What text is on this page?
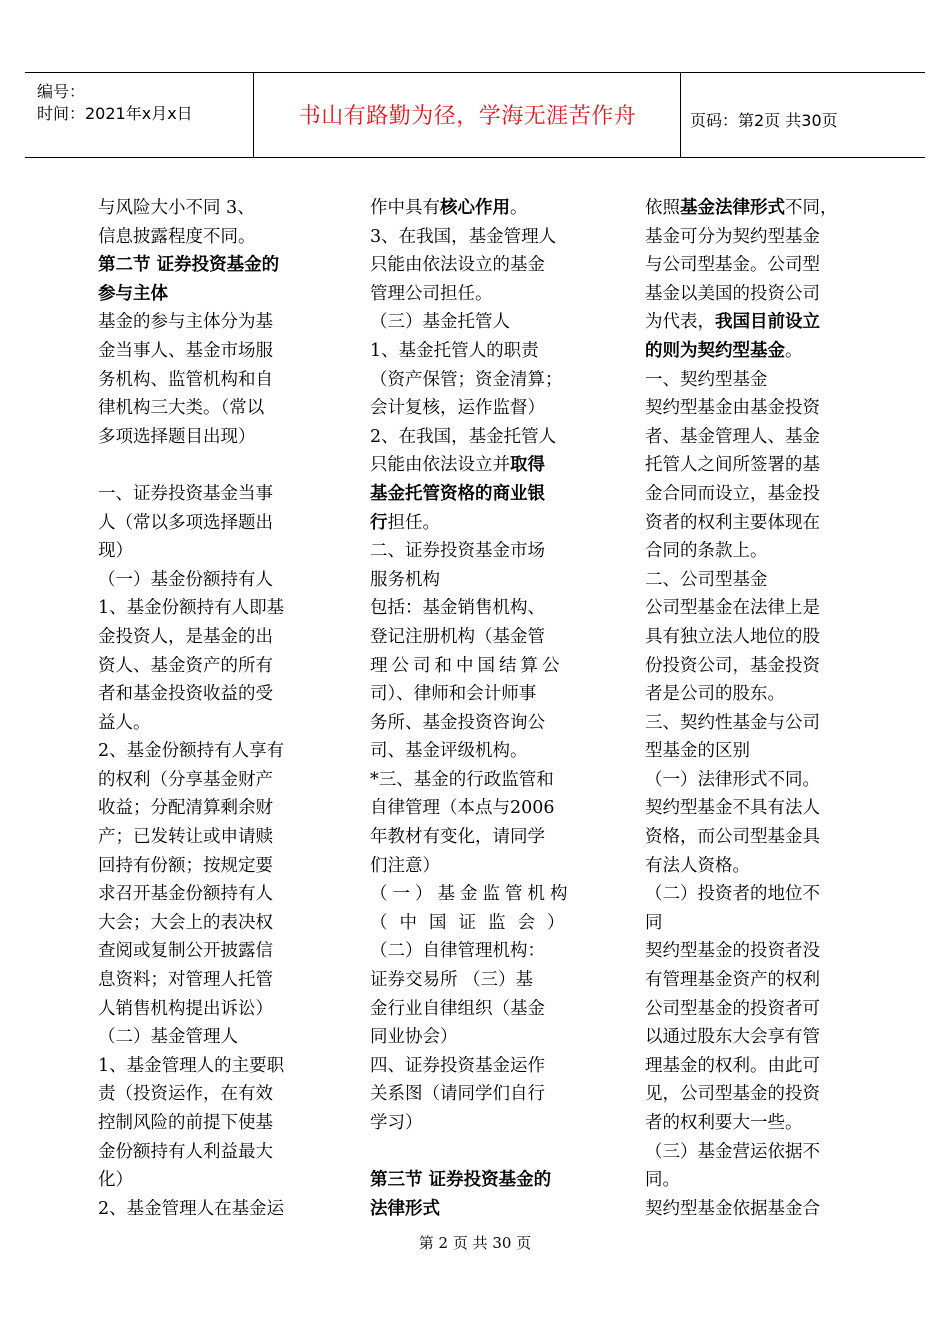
编号：
时间：2021年x月x日	书山有路勤为径，学海无涯苦作舟	页码：第2页 共30页

与风险大小不同 3、

信息披露程度不同。

第二节 证券投资基金的

参与主体

基金的参与主体分为基

金当事人、基金市场服

务机构、监管机构和自

律机构三大类。（常以

多项选择题目出现）

一、证券投资基金当事

人（常以多项选择题出

现）

（一）基金份额持有人

1、基金份额持有人即基

金投资人，是基金的出

资人、基金资产的所有

者和基金投资收益的受

益人。

2、基金份额持有人享有

的权利（分享基金财产

收益；分配清算剩余财

产；已发转让或申请赎

回持有份额；按规定要

求召开基金份额持有人

大会；大会上的表决权

查阅或复制公开披露信

息资料；对管理人托管

人销售机构提出诉讼）

（二）基金管理人

1、基金管理人的主要职

责（投资运作，在有效

控制风险的前提下使基

金份额持有人利益最大

化）

2、基金管理人在基金运

作中具有核心作用。

3、在我国，基金管理人

只能由依法设立的基金

管理公司担任。

（三）基金托管人

1、基金托管人的职责

（资产保管；资金清算；

会计复核，运作监督）

2、在我国，基金托管人

只能由依法设立并取得

基金托管资格的商业银

行担任。

二、证券投资基金市场

服务机构

包括：基金销售机构、

登记注册机构（基金管

理公司和中国结算公

司）、律师和会计师事

务所、基金投资咨询公

司、基金评级机构。

*三、基金的行政监管和

自律管理（本点与2006

年教材有变化，请同学

们注意）

（一）基金监管机构

（中国证监会）

（二）自律管理机构：

证券交易所 （三）基

金行业自律组织（基金

同业协会）

四、证券投资基金运作

关系图（请同学们自行

学习）

第三节 证券投资基金的

法律形式

依照基金法律形式不同，

基金可分为契约型基金

与公司型基金。公司型

基金以美国的投资公司

为代表，我国目前设立

的则为契约型基金。

一、契约型基金

契约型基金由基金投资

者、基金管理人、基金

托管人之间所签署的基

金合同而设立，基金投

资者的权利主要体现在

合同的条款上。

二、公司型基金

公司型基金在法律上是

具有独立法人地位的股

份投资公司，基金投资

者是公司的股东。

三、契约性基金与公司

型基金的区别

（一）法律形式不同。

契约型基金不具有法人

资格，而公司型基金具

有法人资格。

（二）投资者的地位不

同

契约型基金的投资者没

有管理基金资产的权利

公司型基金的投资者可

以通过股东大会享有管

理基金的权利。由此可

见，公司型基金的投资

者的权利要大一些。

（三）基金营运依据不

同。

契约型基金依据基金合

第 2 页 共 30 页
